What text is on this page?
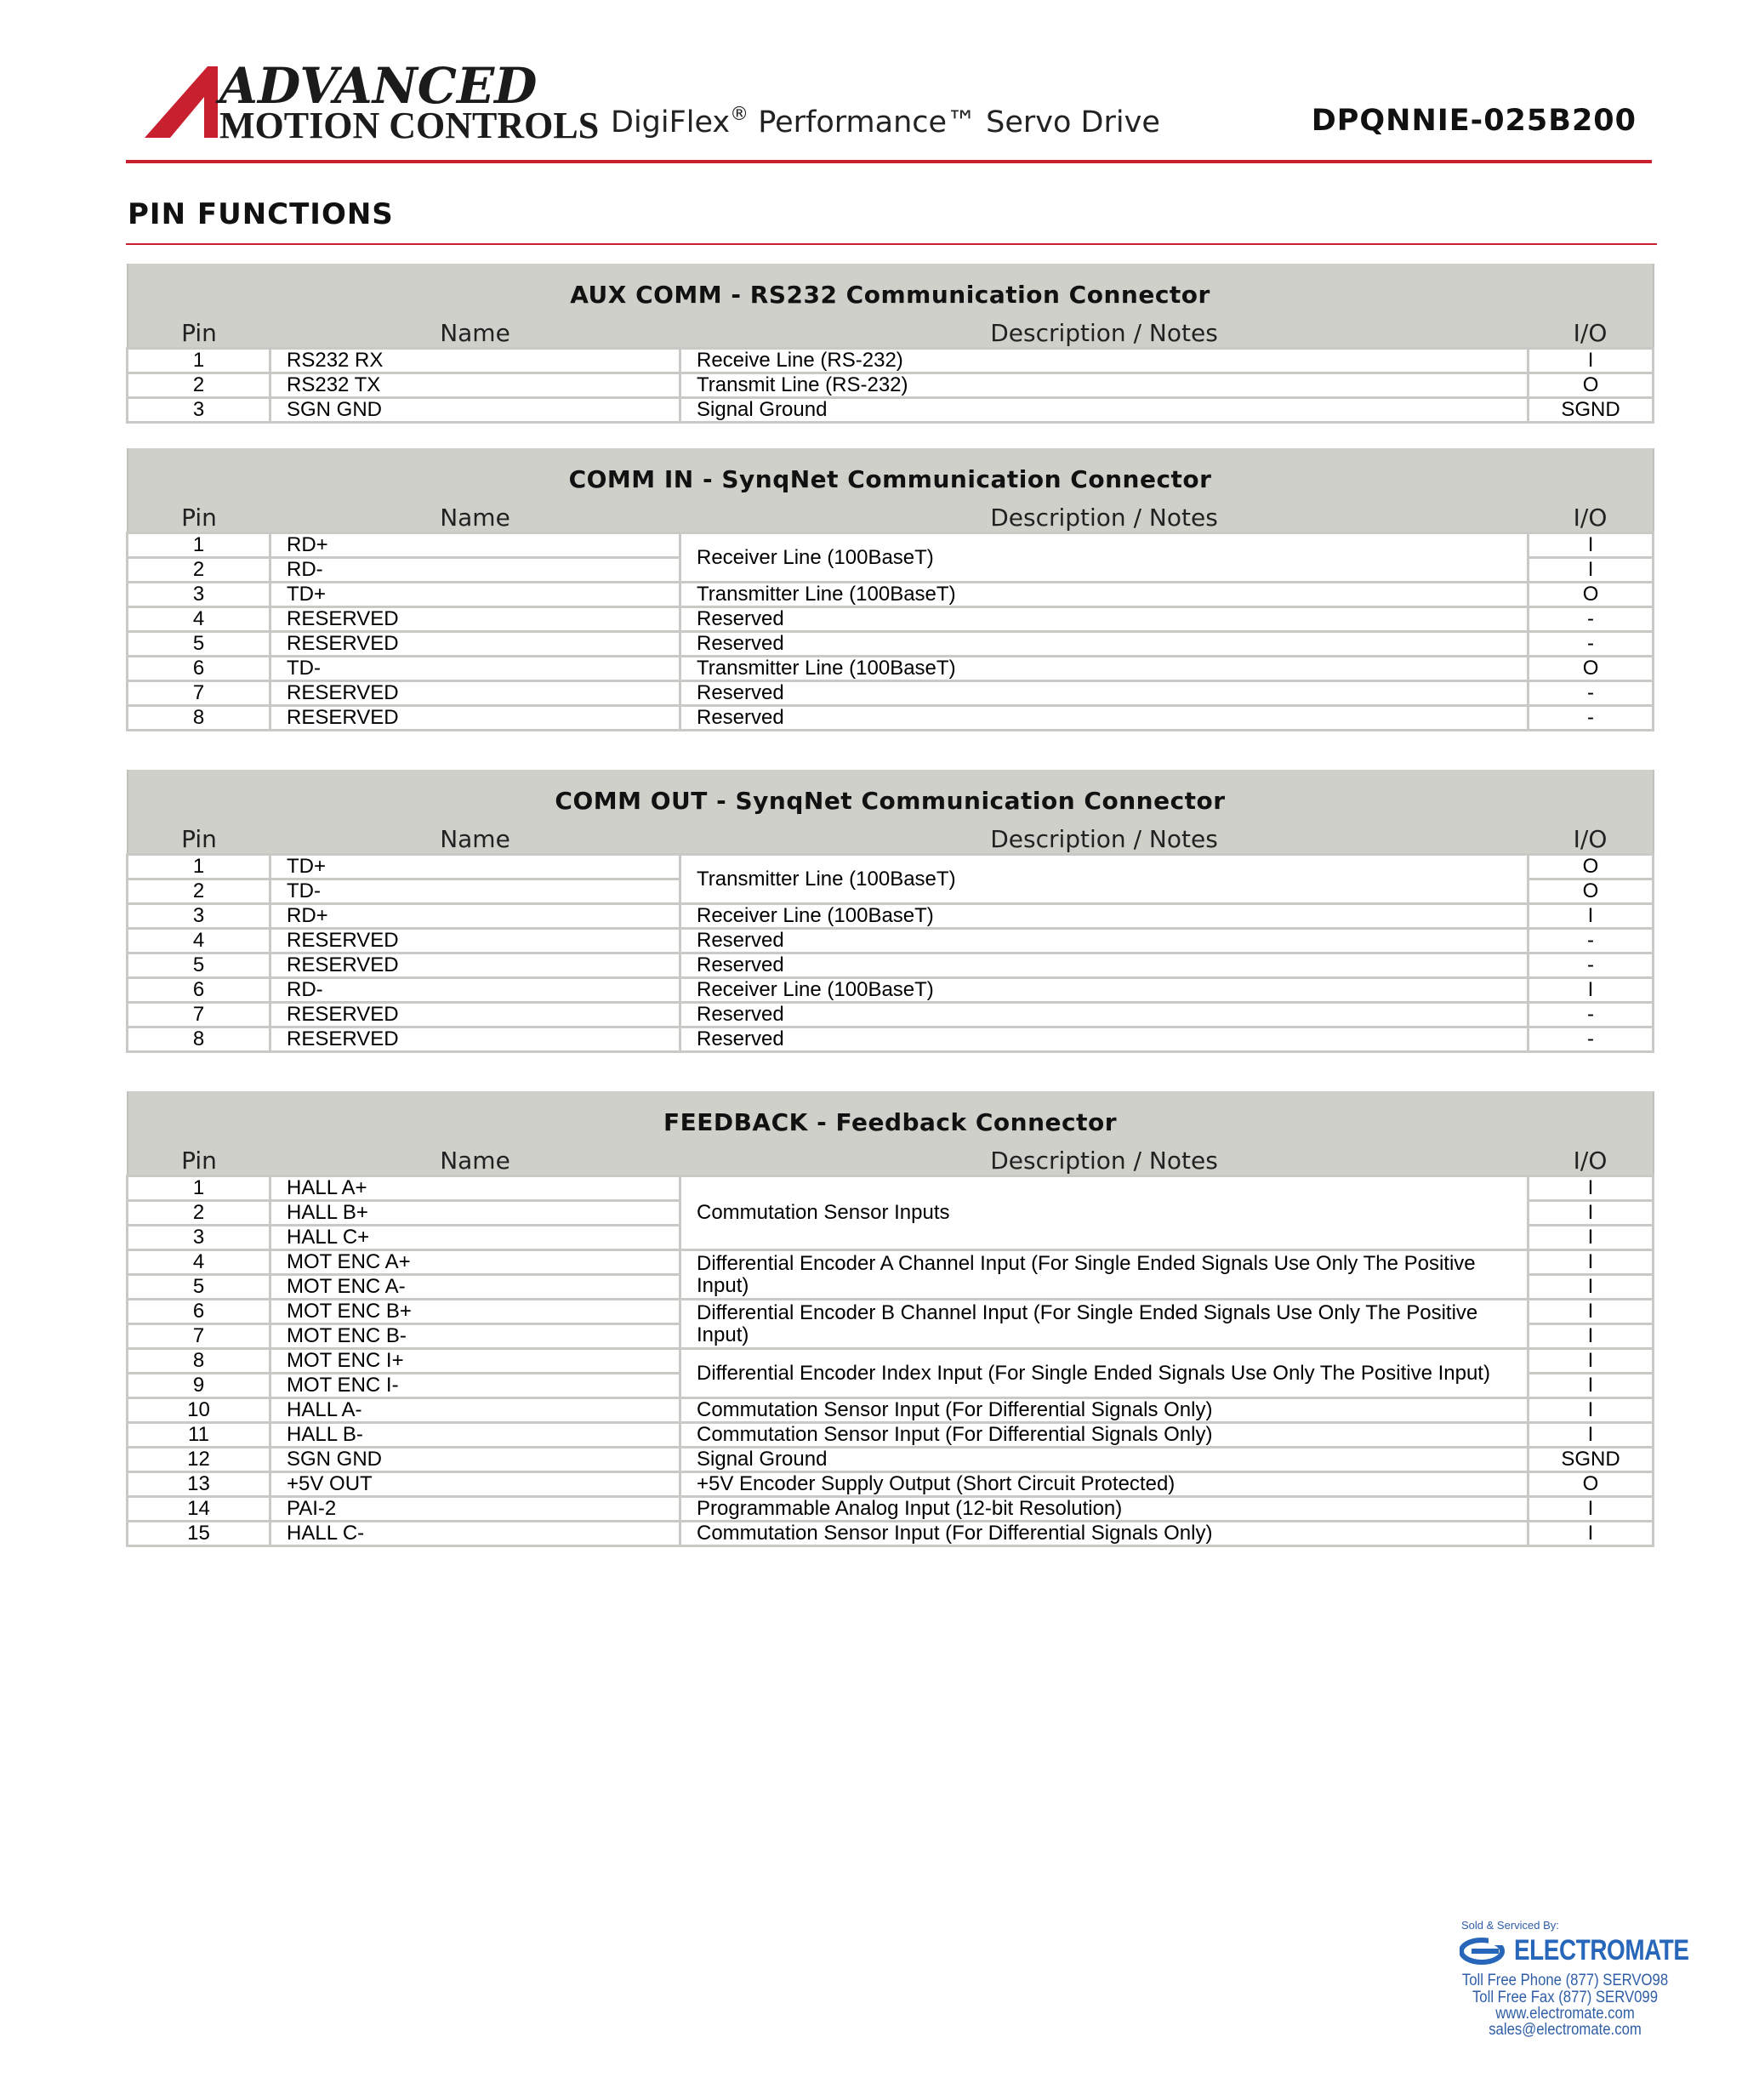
ADVANCED
MOTION CONTROLS DigiFlex® Performance™ Servo Drive	DPQNNIE-025B200
PIN FUNCTIONS
AUX COMM - RS232 Communication Connector			
Pin	Name	Description / Notes	I/O
1	RS232 RX	Receive Line (RS-232)	I
2	RS232 TX	Transmit Line (RS-232)	O
3	SGN GND	Signal Ground	SGND
COMM IN - SynqNet Communication Connector			
Pin	Name	Description / Notes	I/O
1	RD+	Receiver Line (100BaseT)	I
2	RD-		I
3	TD+	Transmitter Line (100BaseT)	O
4	RESERVED	Reserved	-
5	RESERVED	Reserved	-
6	TD-	Transmitter Line (100BaseT)	O
7	RESERVED	Reserved	-
8	RESERVED	Reserved	-
COMM OUT - SynqNet Communication Connector			
Pin	Name	Description / Notes	I/O
1	TD+	Transmitter Line (100BaseT)	O
2	TD-		O
3	RD+	Receiver Line (100BaseT)	I
4	RESERVED	Reserved	-
5	RESERVED	Reserved	-
6	RD-	Receiver Line (100BaseT)	I
7	RESERVED	Reserved	-
8	RESERVED	Reserved	-
FEEDBACK - Feedback Connector			
Pin	Name	Description / Notes	I/O
1	HALL A+	Commutation Sensor Inputs	I
2	HALL B+		I
3	HALL C+		I
4	MOT ENC A+	Differential Encoder A Channel Input (For Single Ended Signals Use Only The Positive Input)	I
5	MOT ENC A-		I
6	MOT ENC B+	Differential Encoder B Channel Input (For Single Ended Signals Use Only The Positive Input)	I
7	MOT ENC B-		I
8	MOT ENC I+	Differential Encoder Index Input (For Single Ended Signals Use Only The Positive Input)	I
9	MOT ENC I-		I
10	HALL A-	Commutation Sensor Input (For Differential Signals Only)	I
11	HALL B-	Commutation Sensor Input (For Differential Signals Only)	I
12	SGN GND	Signal Ground	SGND
13	+5V OUT	+5V Encoder Supply Output (Short Circuit Protected)	O
14	PAI-2	Programmable Analog Input (12-bit Resolution)	I
15	HALL C-	Commutation Sensor Input (For Differential Signals Only)	I
Sold & Serviced By:
ELECTROMATE
Toll Free Phone (877) SERVO98
Toll Free Fax (877) SERV099
www.electromate.com
sales@electromate.com
